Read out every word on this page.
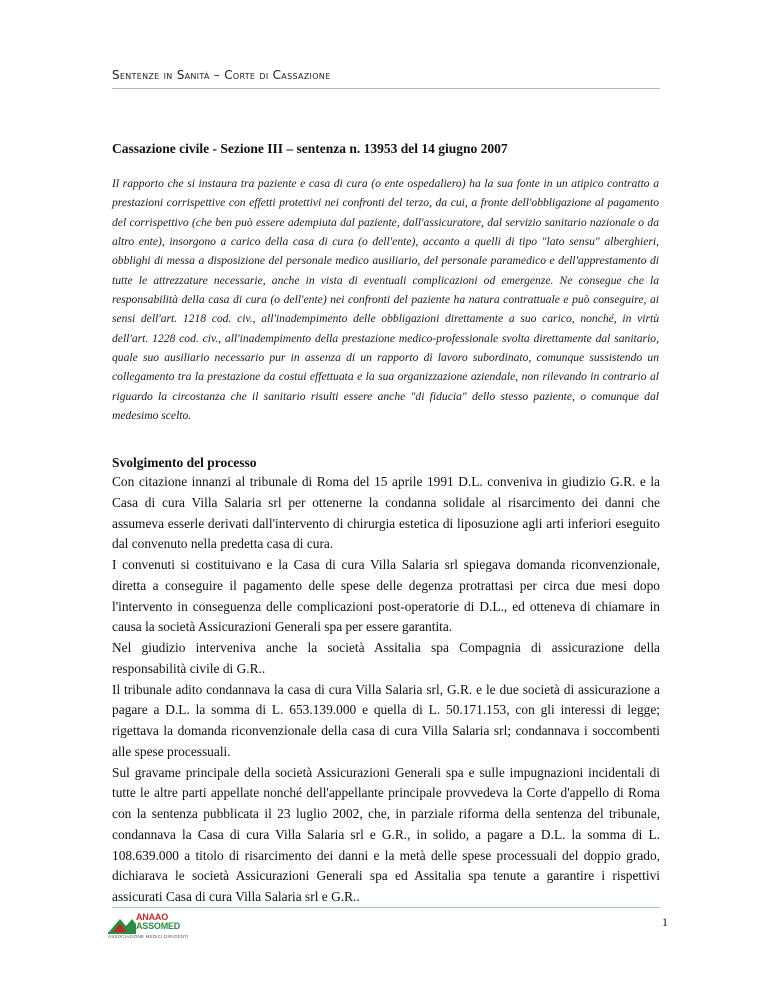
Sentenze in Sanità – Corte di Cassazione
Cassazione civile - Sezione III – sentenza n. 13953 del 14 giugno 2007
Il rapporto che si instaura tra paziente e casa di cura (o ente ospedaliero) ha la sua fonte in un atipico contratto a prestazioni corrispettive con effetti protettivi nei confronti del terzo, da cui, a fronte dell'obbligazione al pagamento del corrispettivo (che ben può essere adempiuta dal paziente, dall'assicuratore, dal servizio sanitario nazionale o da altro ente), insorgono a carico della casa di cura (o dell'ente), accanto a quelli di tipo "lato sensu" alberghieri, obblighi di messa a disposizione del personale medico ausiliario, del personale paramedico e dell'apprestamento di tutte le attrezzature necessarie, anche in vista di eventuali complicazioni od emergenze. Ne consegue che la responsabilità della casa di cura (o dell'ente) nei confronti del paziente ha natura contrattuale e può conseguire, ai sensi dell'art. 1218 cod. civ., all'inadempimento delle obbligazioni direttamente a suo carico, nonché, in virtù dell'art. 1228 cod. civ., all'inadempimento della prestazione medico-professionale svolta direttamente dal sanitario, quale suo ausiliario necessario pur in assenza di un rapporto di lavoro subordinato, comunque sussistendo un collegamento tra la prestazione da costui effettuata e la sua organizzazione aziendale, non rilevando in contrario al riguardo la circostanza che il sanitario risulti essere anche "di fiducia" dello stesso paziente, o comunque dal medesimo scelto.
Svolgimento del processo

Con citazione innanzi al tribunale di Roma del 15 aprile 1991 D.L. conveniva in giudizio G.R. e la Casa di cura Villa Salaria srl per ottenerne la condanna solidale al risarcimento dei danni che assumeva esserle derivati dall'intervento di chirurgia estetica di liposuzione agli arti inferiori eseguito dal convenuto nella predetta casa di cura.

I convenuti si costituivano e la Casa di cura Villa Salaria srl spiegava domanda riconvenzionale, diretta a conseguire il pagamento delle spese delle degenza protrattasi per circa due mesi dopo l'intervento in conseguenza delle complicazioni post-operatorie di D.L., ed otteneva di chiamare in causa la società Assicurazioni Generali spa per essere garantita.

Nel giudizio interveniva anche la società Assitalia spa Compagnia di assicurazione della responsabilità civile di G.R..

Il tribunale adito condannava la casa di cura Villa Salaria srl, G.R. e le due società di assicurazione a pagare a D.L. la somma di L. 653.139.000 e quella di L. 50.171.153, con gli interessi di legge; rigettava la domanda riconvenzionale della casa di cura Villa Salaria srl; condannava i soccombenti alle spese processuali.

Sul gravame principale della società Assicurazioni Generali spa e sulle impugnazioni incidentali di tutte le altre parti appellate nonché dell'appellante principale provvedeva la Corte d'appello di Roma con la sentenza pubblicata il 23 luglio 2002, che, in parziale riforma della sentenza del tribunale, condannava la Casa di cura Villa Salaria srl e G.R., in solido, a pagare a D.L. la somma di L. 108.639.000 a titolo di risarcimento dei danni e la metà delle spese processuali del doppio grado, dichiarava le società Assicurazioni Generali spa ed Assitalia spa tenute a garantire i rispettivi assicurati Casa di cura Villa Salaria srl e G.R..

ANAAO
ASSOMED
ASSOCIAZIONE MEDICI DIRIGENTI
1
